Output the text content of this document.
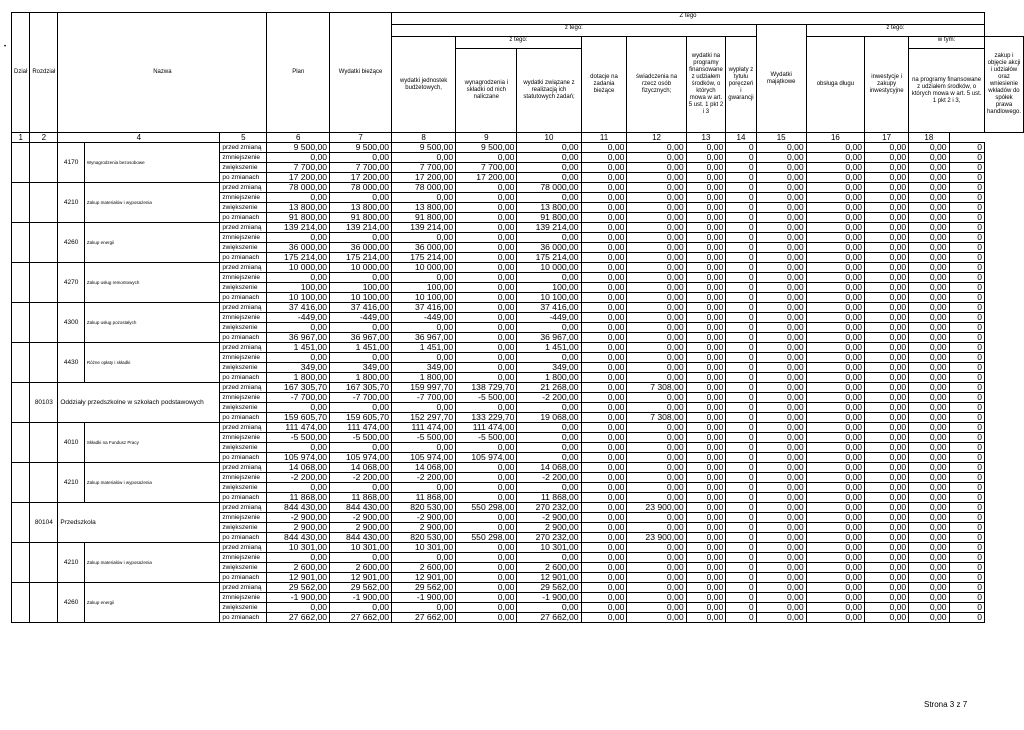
•
Dział	Rozdział	Nazwa			Plan	Wydatki bieżące	Z tego												
							z tego:							Wydatki majątkowe	z tego:				
							wydatki jednostek budżetowych,	z tego:		dotacje na zadania bieżące	świadczenia na rzecz osób fizycznych;	wydatki na programy finansowane z udziałem środków, o których mowa w art. 5 ust. 1 pkt 2 i 3	wypłaty z tytułu poręczeń i gwarancji		obsługa długu	inwestycje i zakupy inwestycyjne	w tym:		zakup i objęcie akcji i udziałów oraz wniesienie wkładów do spółek prawa handlowego.
								wynagrodzenia i składki od nich naliczane	wydatki związane z realizacją ich statutowych zadań;								na programy finansowane z udziałem środków, o których mowa w art. 5 ust. 1 pkt 2 i 3,		
1	2	4		5	6	7	8	9	10	11	12	13	14	15	16	17	18		
		4170	Wynagrodzenia bezosobowe	przed zmianą	9 500,00	9 500,00	9 500,00	9 500,00	0,00	0,00	0,00	0,00	0	0,00	0,00	0,00	0,00	0	
				zmniejszenie	0,00	0,00	0,00	0,00	0,00	0,00	0,00	0,00	0	0,00	0,00	0,00	0,00	0	
				zwiększenie	7 700,00	7 700,00	7 700,00	7 700,00	0,00	0,00	0,00	0,00	0	0,00	0,00	0,00	0,00	0	
				po zmianach	17 200,00	17 200,00	17 200,00	17 200,00	0,00	0,00	0,00	0,00	0	0,00	0,00	0,00	0,00	0	
		4210	Zakup materiałów i wyposażenia	przed zmianą	78 000,00	78 000,00	78 000,00	0,00	78 000,00	0,00	0,00	0,00	0	0,00	0,00	0,00	0,00	0	
				zmniejszenie	0,00	0,00	0,00	0,00	0,00	0,00	0,00	0,00	0	0,00	0,00	0,00	0,00	0	
				zwiększenie	13 800,00	13 800,00	13 800,00	0,00	13 800,00	0,00	0,00	0,00	0	0,00	0,00	0,00	0,00	0	
				po zmianach	91 800,00	91 800,00	91 800,00	0,00	91 800,00	0,00	0,00	0,00	0	0,00	0,00	0,00	0,00	0	
		4260	Zakup energii	przed zmianą	139 214,00	139 214,00	139 214,00	0,00	139 214,00	0,00	0,00	0,00	0	0,00	0,00	0,00	0,00	0	
				zmniejszenie	0,00	0,00	0,00	0,00	0,00	0,00	0,00	0,00	0	0,00	0,00	0,00	0,00	0	
				zwiększenie	36 000,00	36 000,00	36 000,00	0,00	36 000,00	0,00	0,00	0,00	0	0,00	0,00	0,00	0,00	0	
				po zmianach	175 214,00	175 214,00	175 214,00	0,00	175 214,00	0,00	0,00	0,00	0	0,00	0,00	0,00	0,00	0	
		4270	Zakup usług remontowych	przed zmianą	10 000,00	10 000,00	10 000,00	0,00	10 000,00	0,00	0,00	0,00	0	0,00	0,00	0,00	0,00	0	
				zmniejszenie	0,00	0,00	0,00	0,00	0,00	0,00	0,00	0,00	0	0,00	0,00	0,00	0,00	0	
				zwiększenie	100,00	100,00	100,00	0,00	100,00	0,00	0,00	0,00	0	0,00	0,00	0,00	0,00	0	
				po zmianach	10 100,00	10 100,00	10 100,00	0,00	10 100,00	0,00	0,00	0,00	0	0,00	0,00	0,00	0,00	0	
		4300	Zakup usług pozostałych	przed zmianą	37 416,00	37 416,00	37 416,00	0,00	37 416,00	0,00	0,00	0,00	0	0,00	0,00	0,00	0,00	0	
				zmniejszenie	-449,00	-449,00	-449,00	0,00	-449,00	0,00	0,00	0,00	0	0,00	0,00	0,00	0,00	0	
				zwiększenie	0,00	0,00	0,00	0,00	0,00	0,00	0,00	0,00	0	0,00	0,00	0,00	0,00	0	
				po zmianach	36 967,00	36 967,00	36 967,00	0,00	36 967,00	0,00	0,00	0,00	0	0,00	0,00	0,00	0,00	0	
		4430	Różne opłaty i składki	przed zmianą	1 451,00	1 451,00	1 451,00	0,00	1 451,00	0,00	0,00	0,00	0	0,00	0,00	0,00	0,00	0	
				zmniejszenie	0,00	0,00	0,00	0,00	0,00	0,00	0,00	0,00	0	0,00	0,00	0,00	0,00	0	
				zwiększenie	349,00	349,00	349,00	0,00	349,00	0,00	0,00	0,00	0	0,00	0,00	0,00	0,00	0	
				po zmianach	1 800,00	1 800,00	1 800,00	0,00	1 800,00	0,00	0,00	0,00	0	0,00	0,00	0,00	0,00	0	
	80103	Oddziały przedszkolne w szkołach podstawowych		przed zmianą	167 305,70	167 305,70	159 997,70	138 729,70	21 268,00	0,00	7 308,00	0,00	0	0,00	0,00	0,00	0,00	0	
				zmniejszenie	-7 700,00	-7 700,00	-7 700,00	-5 500,00	-2 200,00	0,00	0,00	0,00	0	0,00	0,00	0,00	0,00	0	
				zwiększenie	0,00	0,00	0,00	0,00	0,00	0,00	0,00	0,00	0	0,00	0,00	0,00	0,00	0	
				po zmianach	159 605,70	159 605,70	152 297,70	133 229,70	19 068,00	0,00	7 308,00	0,00	0	0,00	0,00	0,00	0,00	0	
		4010	Składki na Fundusz Pracy	przed zmianą	111 474,00	111 474,00	111 474,00	111 474,00	0,00	0,00	0,00	0,00	0	0,00	0,00	0,00	0,00	0	
				zmniejszenie	-5 500,00	-5 500,00	-5 500,00	-5 500,00	0,00	0,00	0,00	0,00	0	0,00	0,00	0,00	0,00	0	
				zwiększenie	0,00	0,00	0,00	0,00	0,00	0,00	0,00	0,00	0	0,00	0,00	0,00	0,00	0	
				po zmianach	105 974,00	105 974,00	105 974,00	105 974,00	0,00	0,00	0,00	0,00	0	0,00	0,00	0,00	0,00	0	
		4210	Zakup materiałów i wyposażenia	przed zmianą	14 068,00	14 068,00	14 068,00	0,00	14 068,00	0,00	0,00	0,00	0	0,00	0,00	0,00	0,00	0	
				zmniejszenie	-2 200,00	-2 200,00	-2 200,00	0,00	-2 200,00	0,00	0,00	0,00	0	0,00	0,00	0,00	0,00	0	
				zwiększenie	0,00	0,00	0,00	0,00	0,00	0,00	0,00	0,00	0	0,00	0,00	0,00	0,00	0	
				po zmianach	11 868,00	11 868,00	11 868,00	0,00	11 868,00	0,00	0,00	0,00	0	0,00	0,00	0,00	0,00	0	
	80104	Przedszkola		przed zmianą	844 430,00	844 430,00	820 530,00	550 298,00	270 232,00	0,00	23 900,00	0,00	0	0,00	0,00	0,00	0,00	0	
				zmniejszenie	-2 900,00	-2 900,00	-2 900,00	0,00	-2 900,00	0,00	0,00	0,00	0	0,00	0,00	0,00	0,00	0	
				zwiększenie	2 900,00	2 900,00	2 900,00	0,00	2 900,00	0,00	0,00	0,00	0	0,00	0,00	0,00	0,00	0	
				po zmianach	844 430,00	844 430,00	820 530,00	550 298,00	270 232,00	0,00	23 900,00	0,00	0	0,00	0,00	0,00	0,00	0	
		4210	Zakup materiałów i wyposażenia	przed zmianą	10 301,00	10 301,00	10 301,00	0,00	10 301,00	0,00	0,00	0,00	0	0,00	0,00	0,00	0,00	0	
				zmniejszenie	0,00	0,00	0,00	0,00	0,00	0,00	0,00	0,00	0	0,00	0,00	0,00	0,00	0	
				zwiększenie	2 600,00	2 600,00	2 600,00	0,00	2 600,00	0,00	0,00	0,00	0	0,00	0,00	0,00	0,00	0	
				po zmianach	12 901,00	12 901,00	12 901,00	0,00	12 901,00	0,00	0,00	0,00	0	0,00	0,00	0,00	0,00	0	
		4260	Zakup energii	przed zmianą	29 562,00	29 562,00	29 562,00	0,00	29 562,00	0,00	0,00	0,00	0	0,00	0,00	0,00	0,00	0	
				zmniejszenie	-1 900,00	-1 900,00	-1 900,00	0,00	-1 900,00	0,00	0,00	0,00	0	0,00	0,00	0,00	0,00	0	
				zwiększenie	0,00	0,00	0,00	0,00	0,00	0,00	0,00	0,00	0	0,00	0,00	0,00	0,00	0	
				po zmianach	27 662,00	27 662,00	27 662,00	0,00	27 662,00	0,00	0,00	0,00	0	0,00	0,00	0,00	0,00	0	
Strona 3 z 7
